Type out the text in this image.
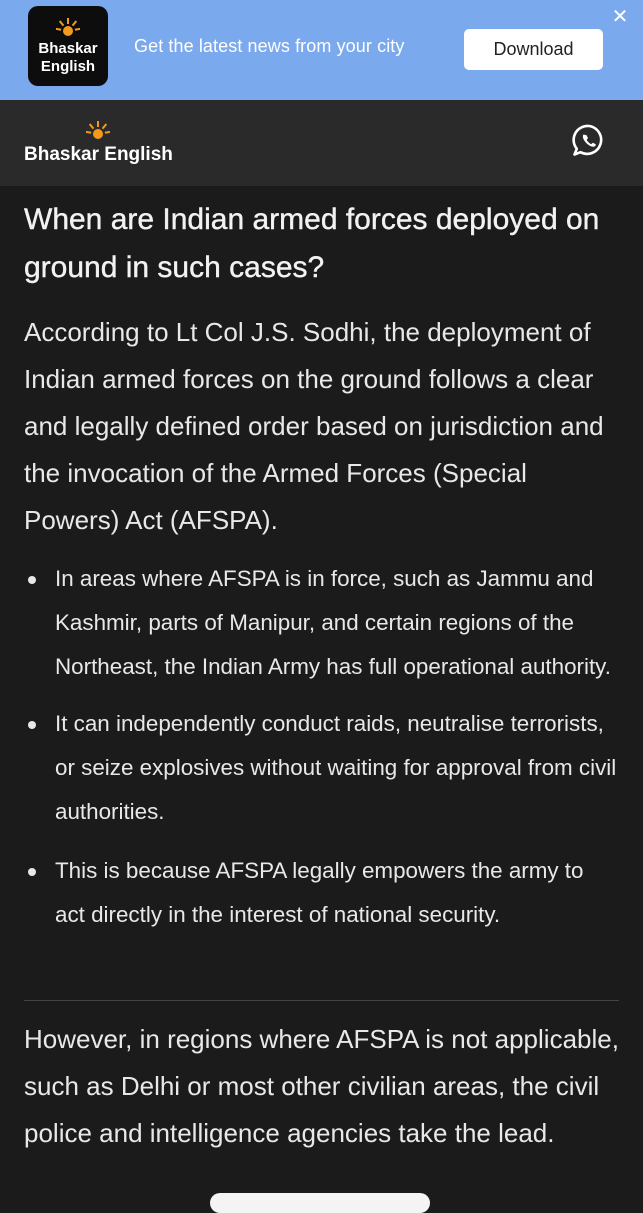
Bhaskar
English
Get the latest news from your city	Download
✕
Bhaskar English
When are Indian armed forces deployed on ground in such cases?

According to Lt Col J.S. Sodhi, the deployment of Indian armed forces on the ground follows a clear and legally defined order based on jurisdiction and the invocation of the Armed Forces (Special Powers) Act (AFSPA).

In areas where AFSPA is in force, such as Jammu and Kashmir, parts of Manipur, and certain regions of the Northeast, the Indian Army has full operational authority.
It can independently conduct raids, neutralise terrorists, or seize explosives without waiting for approval from civil authorities.
This is because AFSPA legally empowers the army to act directly in the interest of national security.

However, in regions where AFSPA is not applicable, such as Delhi or most other civilian areas, the civil police and intelligence agencies take the lead.
